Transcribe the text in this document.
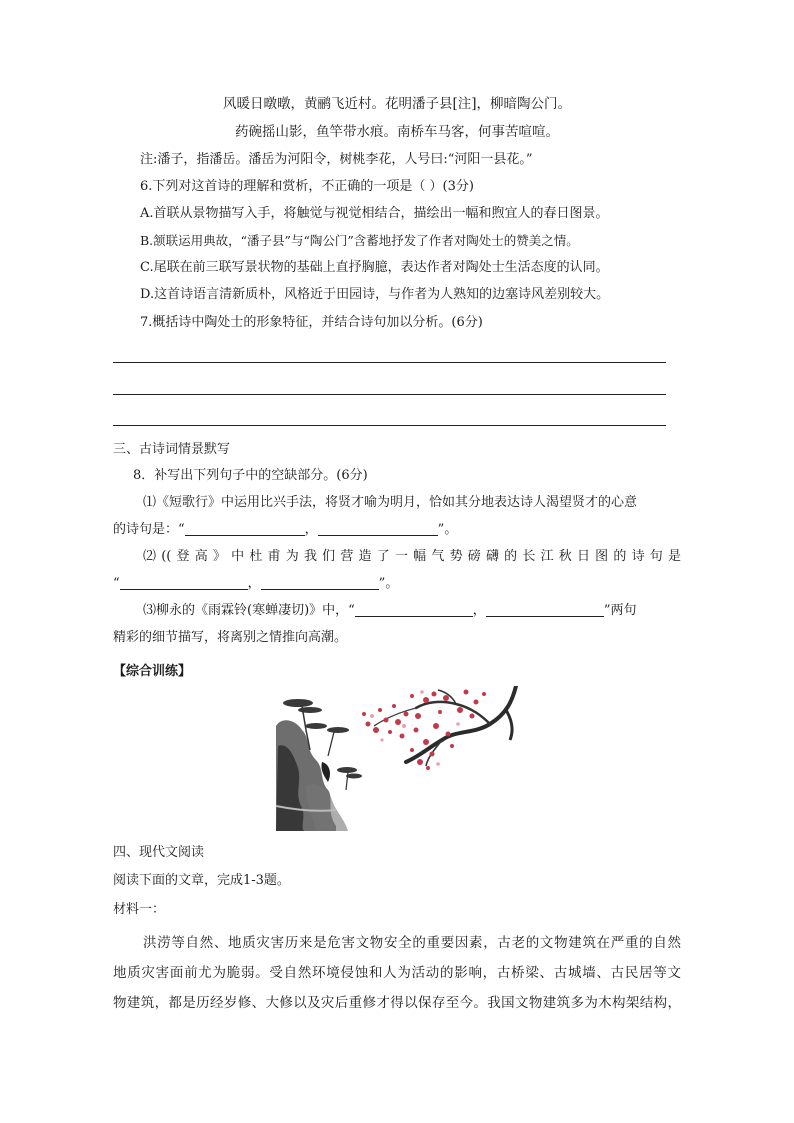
风暖日暾暾，黄鹂飞近村。花明潘子县[注]，柳暗陶公门。
药碗摇山影，鱼竿带水痕。南桥车马客，何事苦喧喧。
注:潘子，指潘岳。潘岳为河阳令，树桃李花，人号曰:“河阳一县花。”
6.下列对这首诗的理解和赏析，不正确的一项是（ ）(3分)
A.首联从景物描写入手，将触觉与视觉相结合，描绘出一幅和煦宜人的春日图景。
B.颔联运用典故，“潘子县”与“陶公门”含蓄地抒发了作者对陶处士的赞美之情。
C.尾联在前三联写景状物的基础上直抒胸臆，表达作者对陶处士生活态度的认同。
D.这首诗语言清新质朴，风格近于田园诗，与作者为人熟知的边塞诗风差别较大。
7.概括诗中陶处士的形象特征，并结合诗句加以分析。(6分)
三、古诗词情景默写
8．补写出下列句子中的空缺部分。(6分)
⑴《短歌行》中运用比兴手法，将贤才喻为明月，恰如其分地表达诗人渴望贤才的心意
的诗句是：“	，	”。
⑵((登高》中杜甫为我们营造了一幅气势磅礴的长江秋日图的诗句是
“	，	”。
⑶柳永的《雨霖铃(寒蝉凄切)》中，“	，	”两句
精彩的细节描写，将离别之情推向高潮。
【综合训练】
四、现代文阅读
阅读下面的文章，完成1-3题。
材料一：
洪涝等自然、地质灾害历来是危害文物安全的重要因素，古老的文物建筑在严重的自然
地质灾害面前尤为脆弱。受自然环境侵蚀和人为活动的影响，古桥梁、古城墙、古民居等文
物建筑，都是历经岁修、大修以及灾后重修才得以保存至今。我国文物建筑多为木构架结构，
